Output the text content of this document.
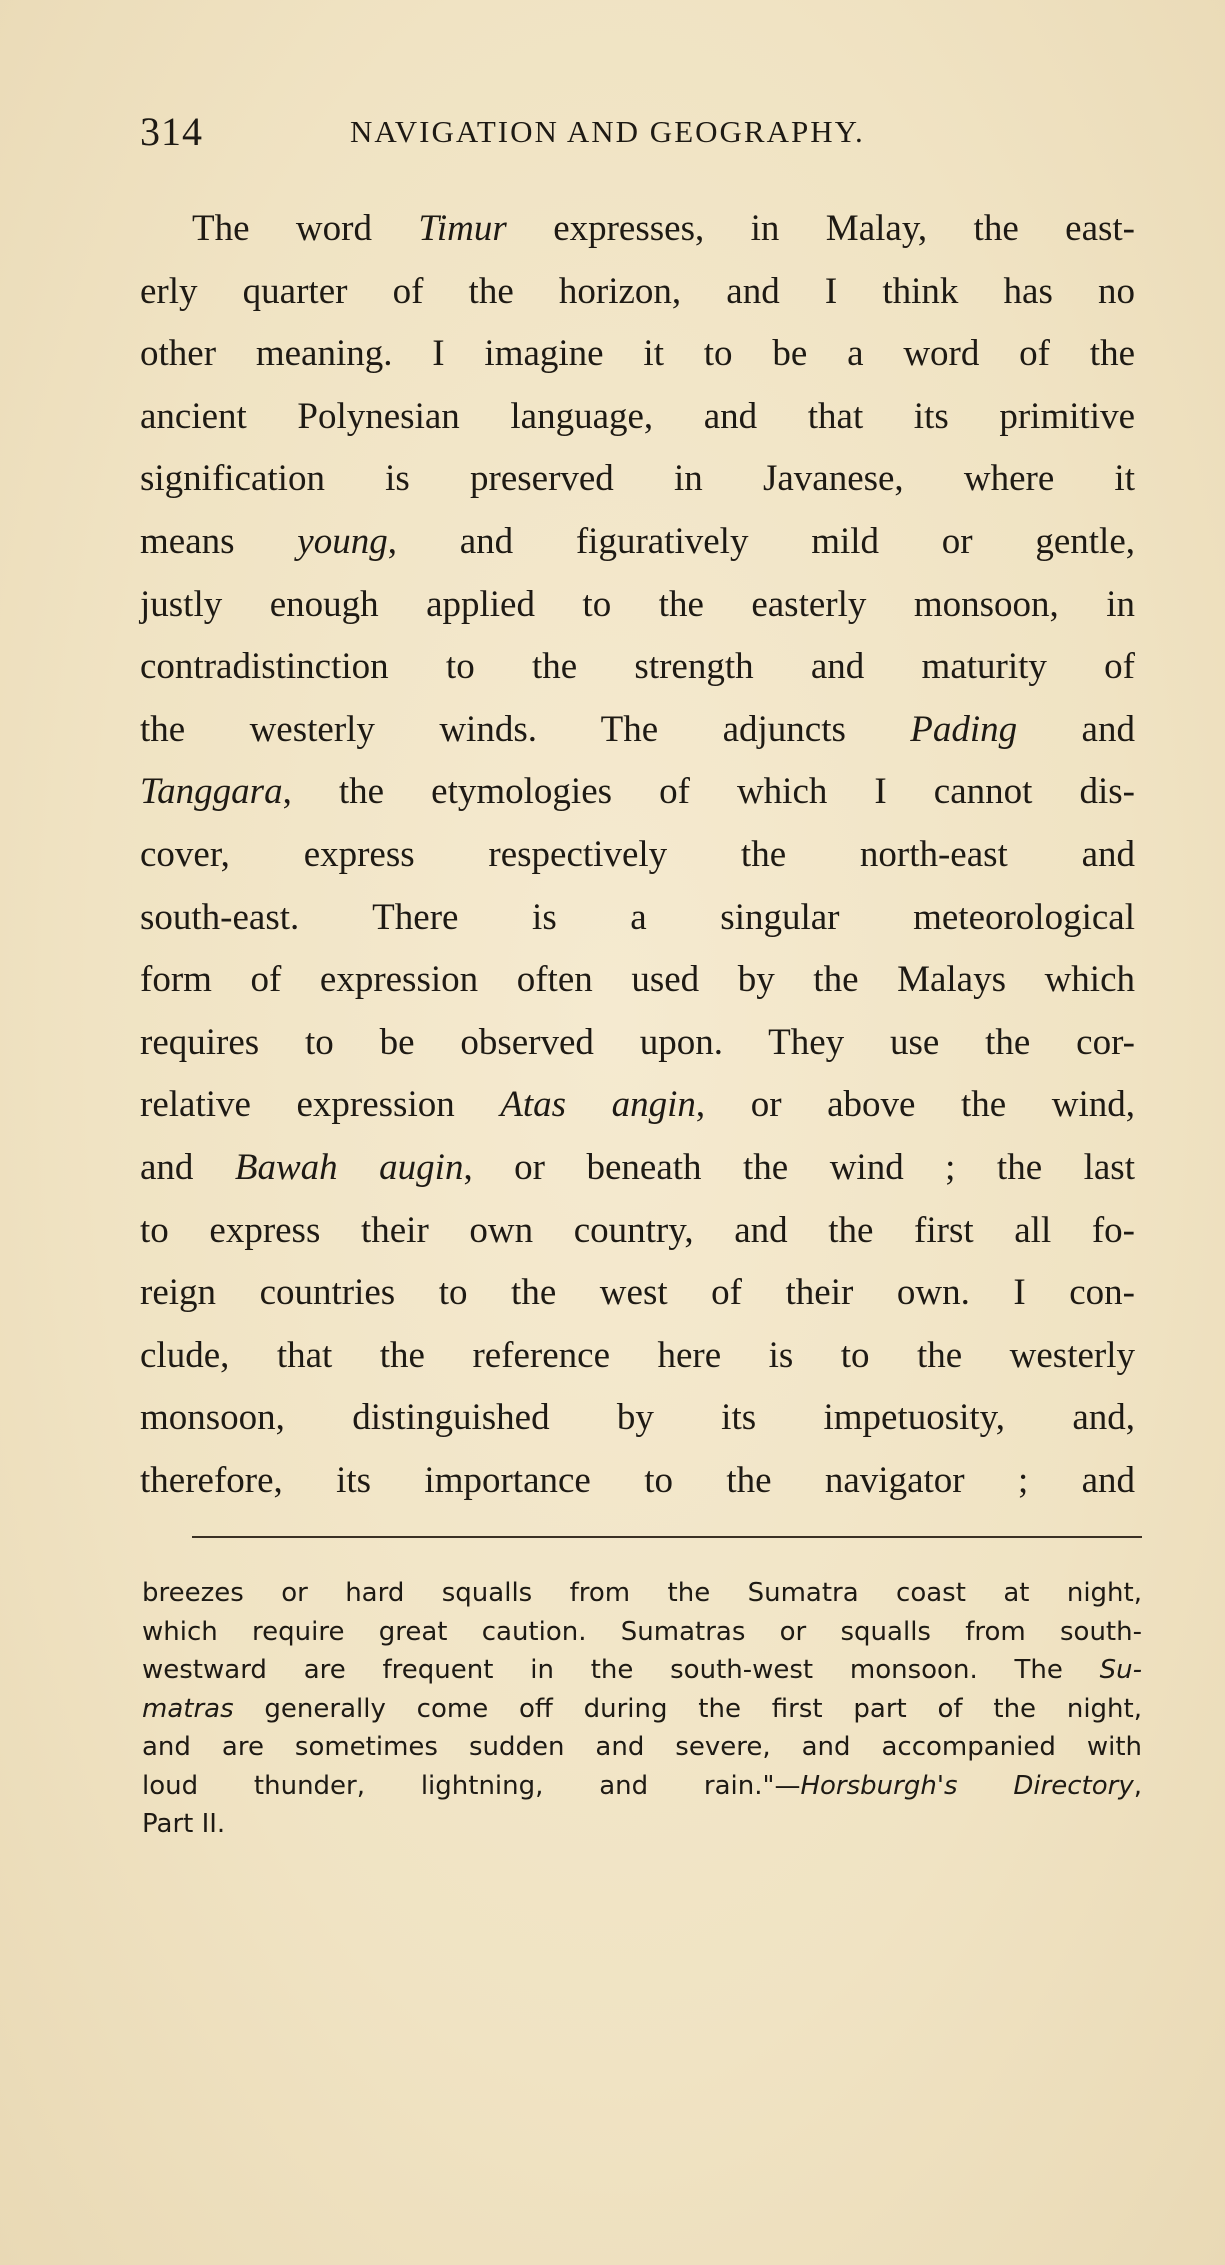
314	NAVIGATION AND GEOGRAPHY.
The word Timur expresses, in Malay, the east-
erly quarter of the horizon, and I think has no
other meaning. I imagine it to be a word of the
ancient Polynesian language, and that its primitive
signification is preserved in Javanese, where it
means young, and figuratively mild or gentle,
justly enough applied to the easterly monsoon, in
contradistinction to the strength and maturity of
the westerly winds. The adjuncts Pading and
Tanggara, the etymologies of which I cannot dis-
cover, express respectively the north-east and
south-east. There is a singular meteorological
form of expression often used by the Malays which
requires to be observed upon. They use the cor-
relative expression Atas angin, or above the wind,
and Bawah augin, or beneath the wind ; the last
to express their own country, and the first all fo-
reign countries to the west of their own. I con-
clude, that the reference here is to the westerly
monsoon, distinguished by its impetuosity, and,
therefore, its importance to the navigator ; and
breezes or hard squalls from the Sumatra coast at night,
which require great caution. Sumatras or squalls from south-
westward are frequent in the south-west monsoon. The Su-
matras generally come off during the first part of the night,
and are sometimes sudden and severe, and accompanied with
loud thunder, lightning, and rain."—Horsburgh's Directory,
Part II.
